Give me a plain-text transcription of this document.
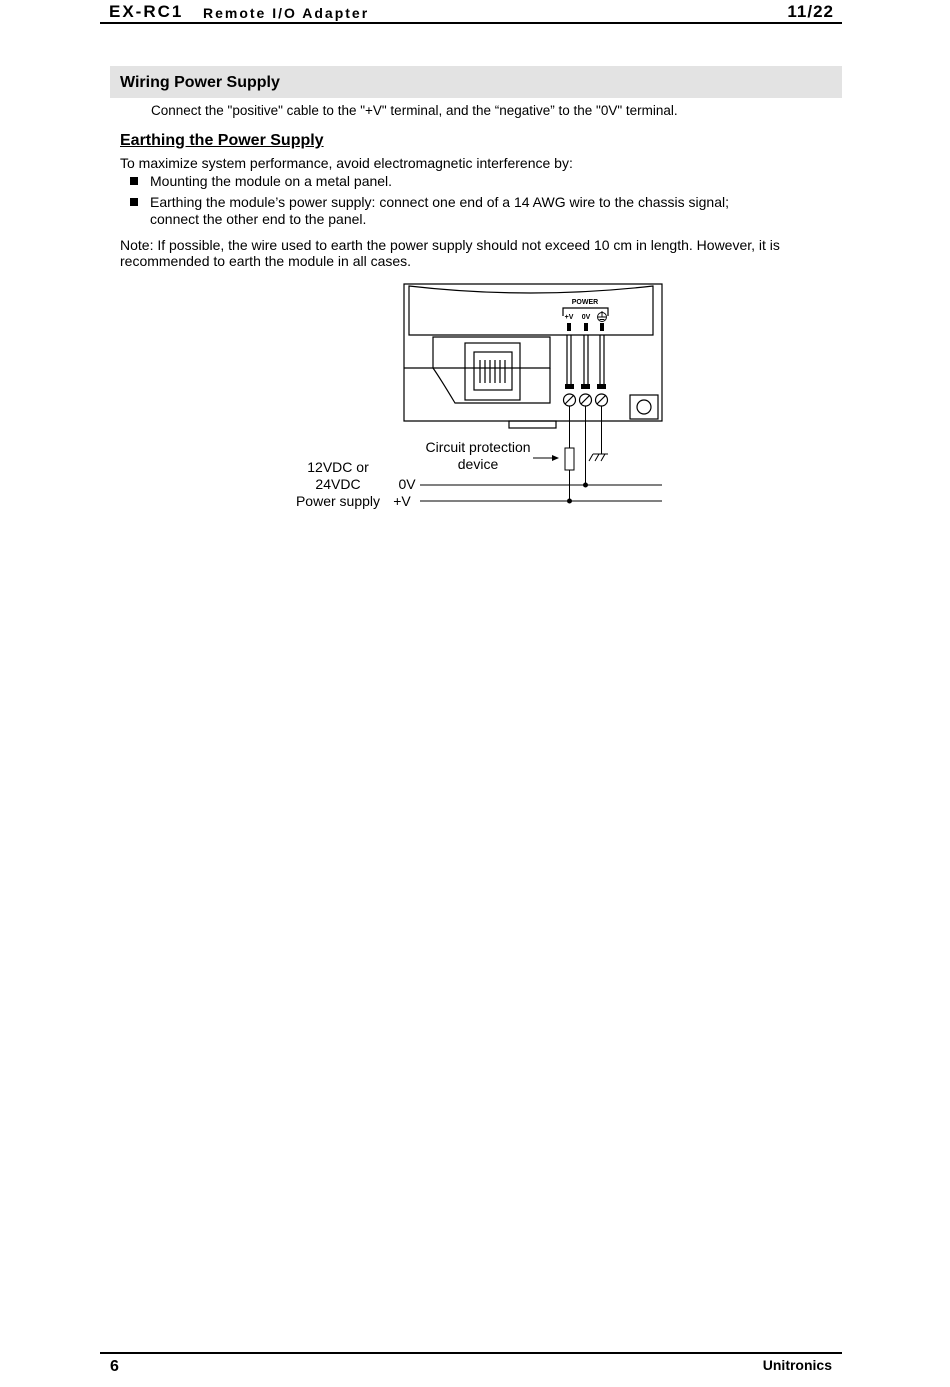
EX-RC1 Remote I/O Adapter	11/22
Wiring Power Supply
Connect the "positive" cable to the "+V" terminal, and the “negative” to the "0V" terminal.
Earthing the Power Supply
To maximize system performance, avoid electromagnetic interference by:
Mounting the module on a metal panel.
Earthing the module’s power supply: connect one end of a 14 AWG wire to the chassis signal;
connect the other end to the panel.
Note: If possible, the wire used to earth the power supply should not exceed 10 cm in length. However, it is
recommended to earth the module in all cases.
POWER
+V 0V
Circuit protection
device
12VDC or
24VDC
Power supply
0V
+V
6	Unitronics
